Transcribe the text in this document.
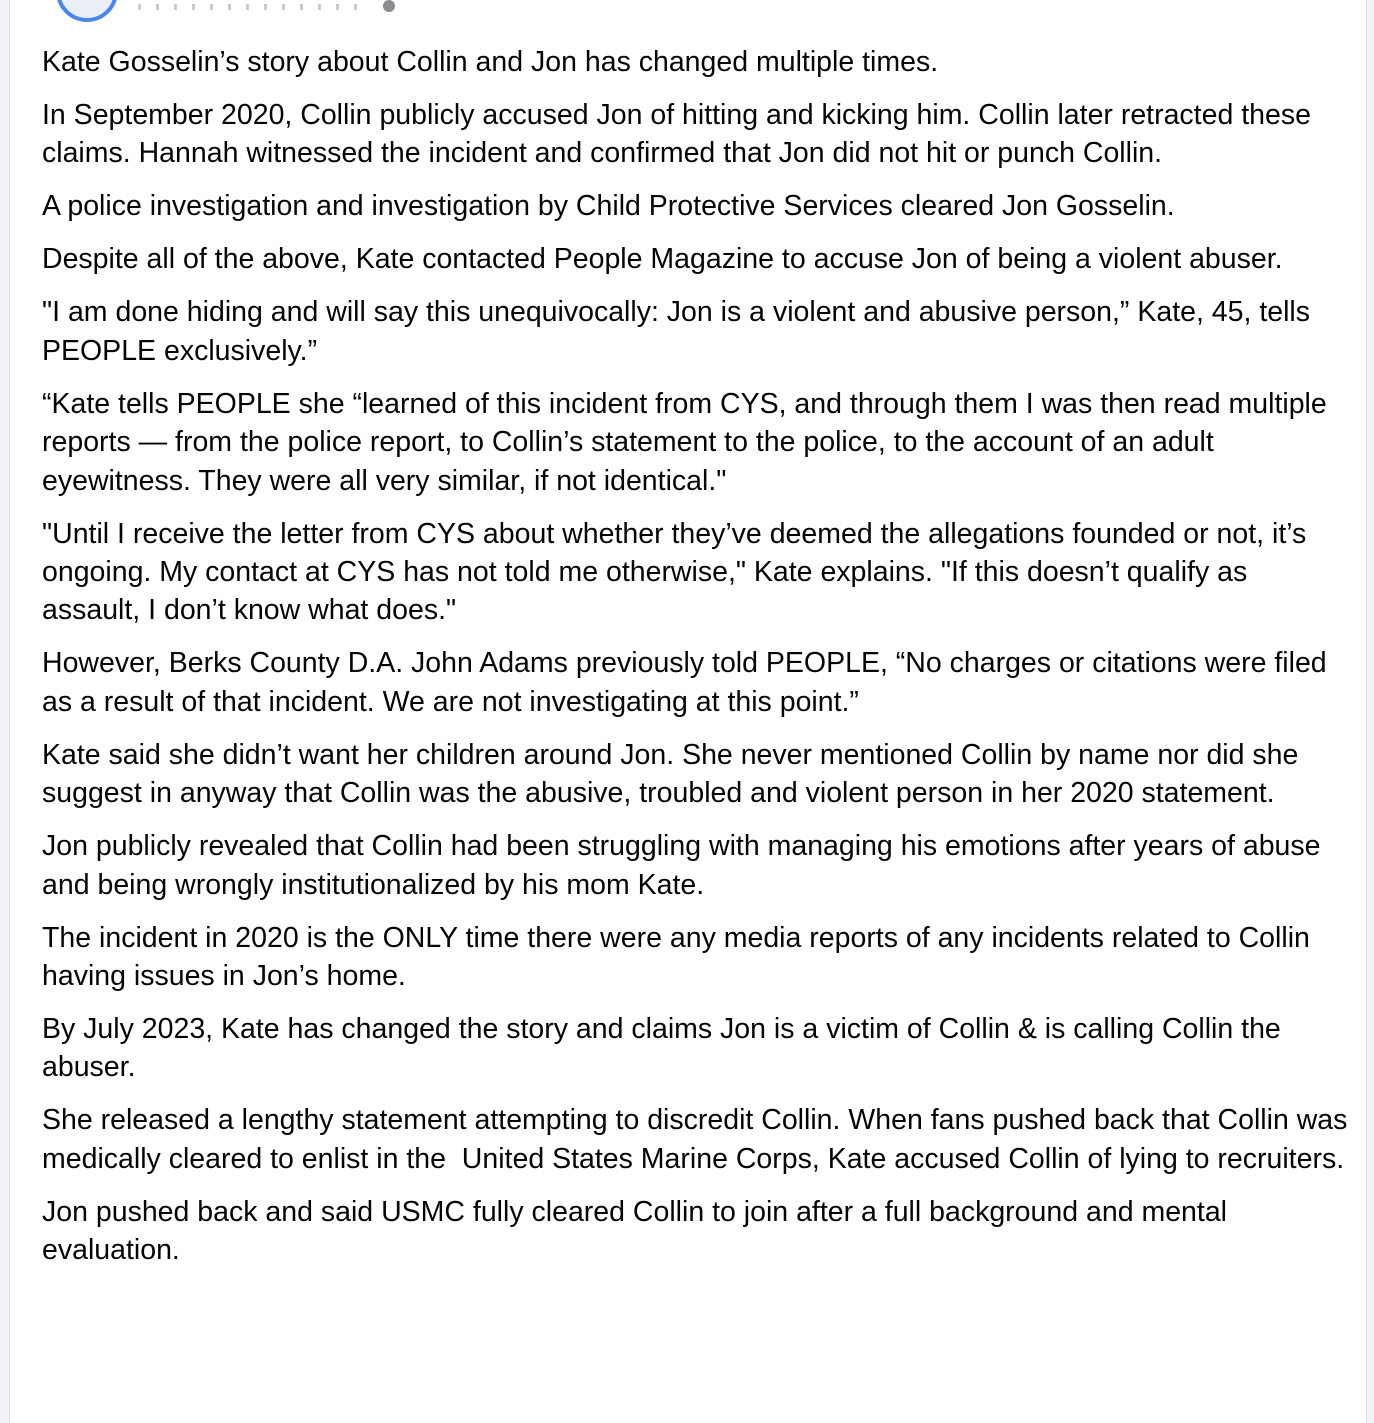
Kate Gosselin’s story about Collin and Jon has changed multiple times.

In September 2020, Collin publicly accused Jon of hitting and kicking him. Collin later retracted these claims. Hannah witnessed the incident and confirmed that Jon did not hit or punch Collin.

A police investigation and investigation by Child Protective Services cleared Jon Gosselin.

Despite all of the above, Kate contacted People Magazine to accuse Jon of being a violent abuser.

"I am done hiding and will say this unequivocally: Jon is a violent and abusive person,” Kate, 45, tells PEOPLE exclusively.”

“Kate tells PEOPLE she “learned of this incident from CYS, and through them I was then read multiple reports — from the police report, to Collin’s statement to the police, to the account of an adult eyewitness. They were all very similar, if not identical."

"Until I receive the letter from CYS about whether they’ve deemed the allegations founded or not, it’s ongoing. My contact at CYS has not told me otherwise," Kate explains. "If this doesn’t qualify as assault, I don’t know what does."

However, Berks County D.A. John Adams previously told PEOPLE, “No charges or citations were filed as a result of that incident. We are not investigating at this point.”

Kate said she didn’t want her children around Jon. She never mentioned Collin by name nor did she suggest in anyway that Collin was the abusive, troubled and violent person in her 2020 statement.

Jon publicly revealed that Collin had been struggling with managing his emotions after years of abuse and being wrongly institutionalized by his mom Kate.

The incident in 2020 is the ONLY time there were any media reports of any incidents related to Collin having issues in Jon’s home.

By July 2023, Kate has changed the story and claims Jon is a victim of Collin & is calling Collin the abuser.

She released a lengthy statement attempting to discredit Collin. When fans pushed back that Collin was medically cleared to enlist in the  United States Marine Corps, Kate accused Collin of lying to recruiters.

Jon pushed back and said USMC fully cleared Collin to join after a full background and mental evaluation.
